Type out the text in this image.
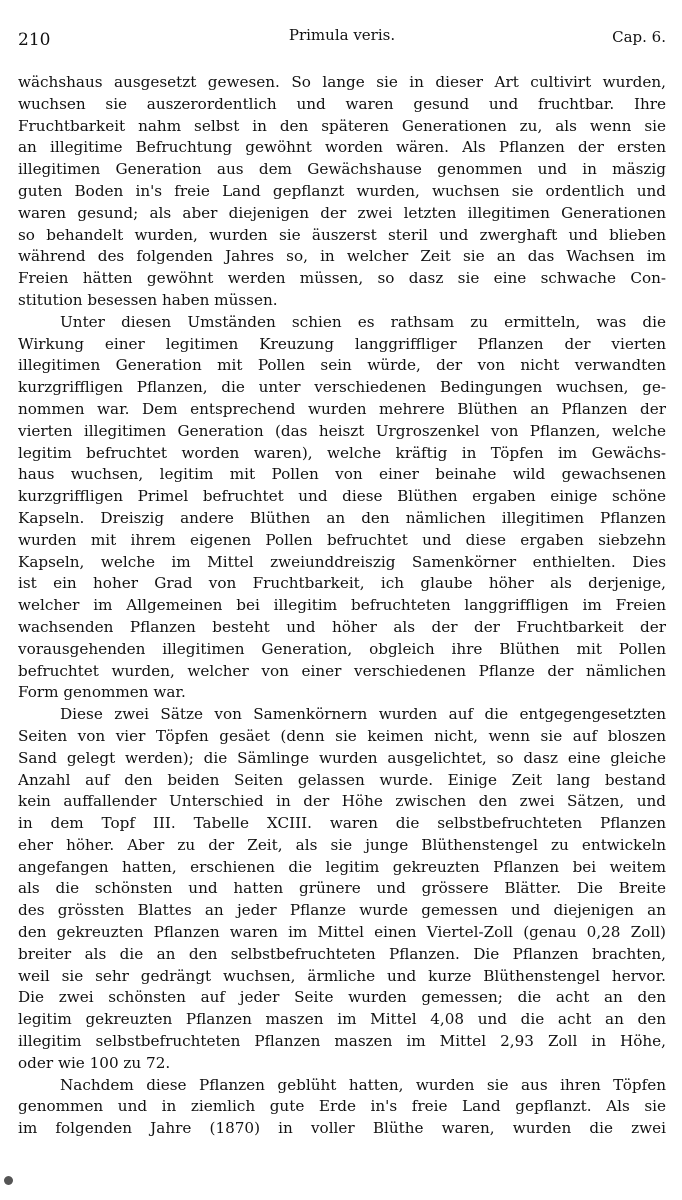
210	Primula veris.	Cap. 6.
wächshaus ausgesetzt gewesen. So lange sie in dieser Art cultivirt wurden,
wuchsen sie auszerordentlich und waren gesund und fruchtbar. Ihre
Fruchtbarkeit nahm selbst in den späteren Generationen zu, als wenn sie
an illegitime Befruchtung gewöhnt worden wären. Als Pflanzen der ersten
illegitimen Generation aus dem Gewächshause genommen und in mäszig
guten Boden in's freie Land gepflanzt wurden, wuchsen sie ordentlich und
waren gesund; als aber diejenigen der zwei letzten illegitimen Generationen
so behandelt wurden, wurden sie äuszerst steril und zwerghaft und blieben
während des folgenden Jahres so, in welcher Zeit sie an das Wachsen im
Freien hätten gewöhnt werden müssen, so dasz sie eine schwache Con-
stitution besessen haben müssen.
Unter diesen Umständen schien es rathsam zu ermitteln, was die
Wirkung einer legitimen Kreuzung langgriffliger Pflanzen der vierten
illegitimen Generation mit Pollen sein würde, der von nicht verwandten
kurzgriffligen Pflanzen, die unter verschiedenen Bedingungen wuchsen, ge-
nommen war. Dem entsprechend wurden mehrere Blüthen an Pflanzen der
vierten illegitimen Generation (das heiszt Urgroszenkel von Pflanzen, welche
legitim befruchtet worden waren), welche kräftig in Töpfen im Gewächs-
haus wuchsen, legitim mit Pollen von einer beinahe wild gewachsenen
kurzgriffligen Primel befruchtet und diese Blüthen ergaben einige schöne
Kapseln. Dreiszig andere Blüthen an den nämlichen illegitimen Pflanzen
wurden mit ihrem eigenen Pollen befruchtet und diese ergaben siebzehn
Kapseln, welche im Mittel zweiunddreiszig Samenkörner enthielten. Dies
ist ein hoher Grad von Fruchtbarkeit, ich glaube höher als derjenige,
welcher im Allgemeinen bei illegitim befruchteten langgriffligen im Freien
wachsenden Pflanzen besteht und höher als der der Fruchtbarkeit der
vorausgehenden illegitimen Generation, obgleich ihre Blüthen mit Pollen
befruchtet wurden, welcher von einer verschiedenen Pflanze der nämlichen
Form genommen war.
Diese zwei Sätze von Samenkörnern wurden auf die entgegengesetzten
Seiten von vier Töpfen gesäet (denn sie keimen nicht, wenn sie auf bloszen
Sand gelegt werden); die Sämlinge wurden ausgelichtet, so dasz eine gleiche
Anzahl auf den beiden Seiten gelassen wurde. Einige Zeit lang bestand
kein auffallender Unterschied in der Höhe zwischen den zwei Sätzen, und
in dem Topf III. Tabelle XCIII. waren die selbstbefruchteten Pflanzen
eher höher. Aber zu der Zeit, als sie junge Blüthenstengel zu entwickeln
angefangen hatten, erschienen die legitim gekreuzten Pflanzen bei weitem
als die schönsten und hatten grünere und grössere Blätter. Die Breite
des grössten Blattes an jeder Pflanze wurde gemessen und diejenigen an
den gekreuzten Pflanzen waren im Mittel einen Viertel-Zoll (genau 0,28 Zoll)
breiter als die an den selbstbefruchteten Pflanzen. Die Pflanzen brachten,
weil sie sehr gedrängt wuchsen, ärmliche und kurze Blüthenstengel hervor.
Die zwei schönsten auf jeder Seite wurden gemessen; die acht an den
legitim gekreuzten Pflanzen maszen im Mittel 4,08 und die acht an den
illegitim selbstbefruchteten Pflanzen maszen im Mittel 2,93 Zoll in Höhe,
oder wie 100 zu 72.
Nachdem diese Pflanzen geblüht hatten, wurden sie aus ihren Töpfen
genommen und in ziemlich gute Erde in's freie Land gepflanzt. Als sie
im folgenden Jahre (1870) in voller Blüthe waren, wurden die zwei
